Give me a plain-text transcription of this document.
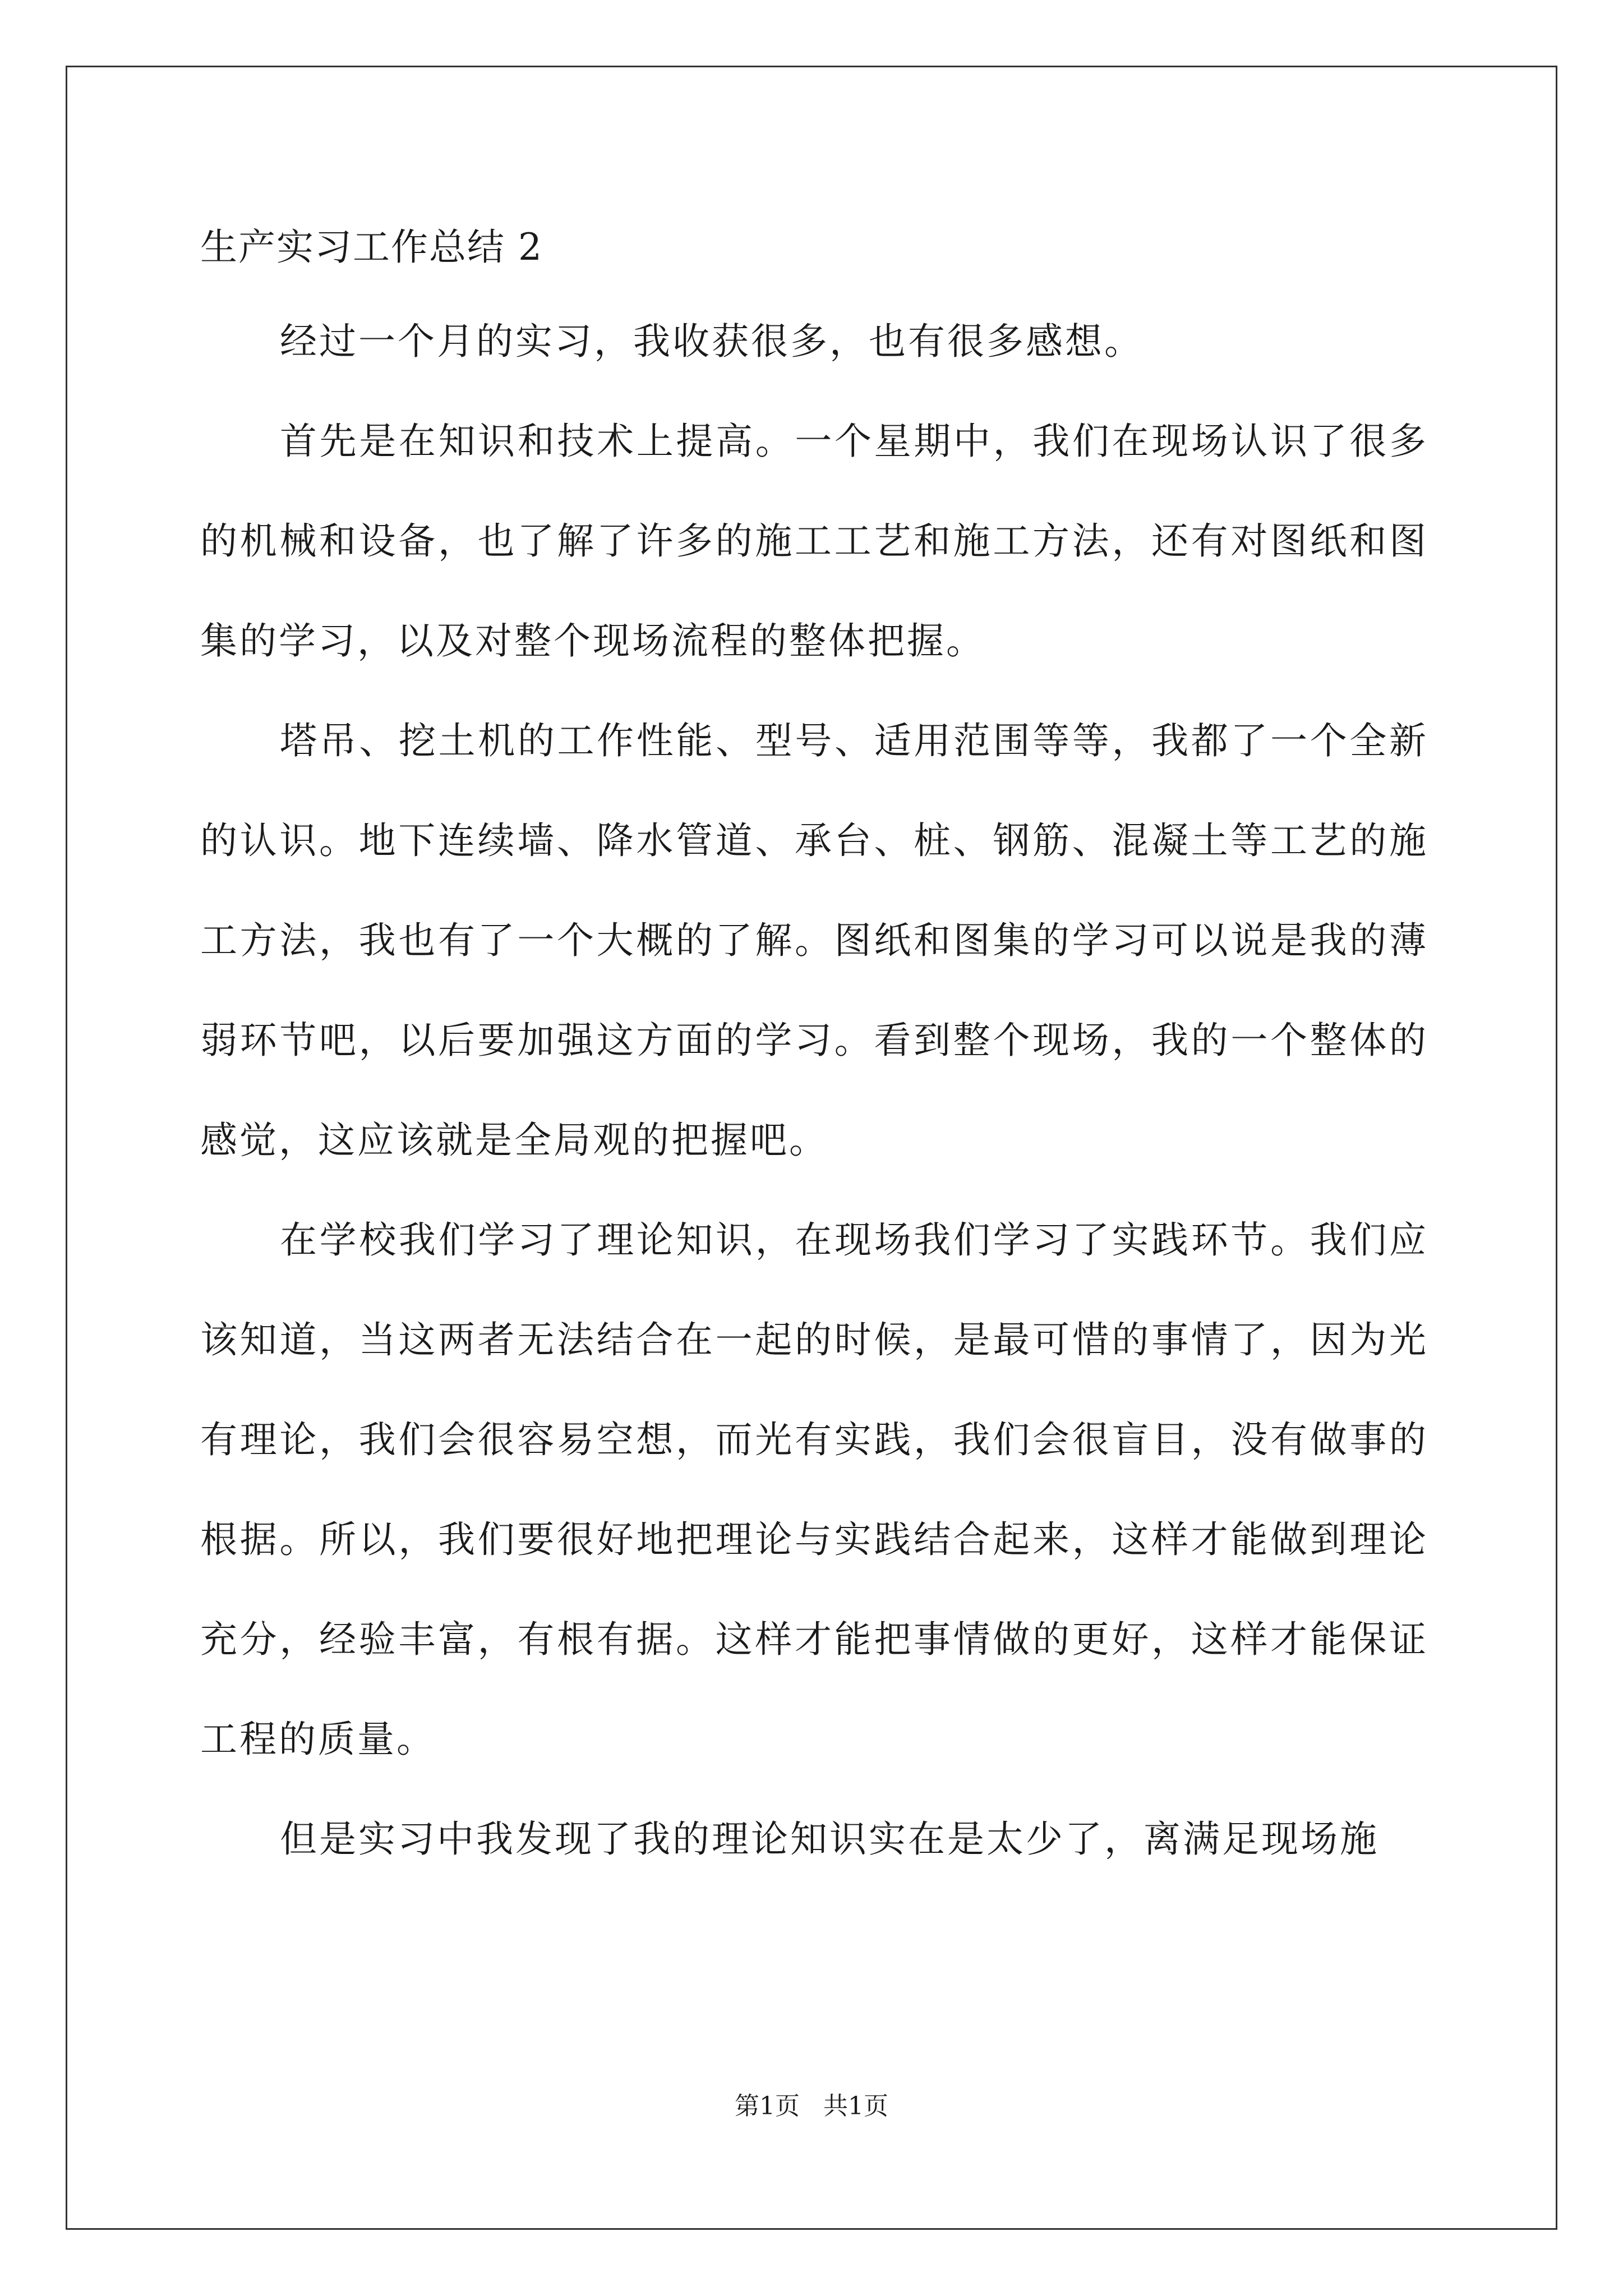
生产实习工作总结 2

经过一个月的实习，我收获很多，也有很多感想。

首先是在知识和技术上提高。一个星期中，我们在现场认识了很多的机械和设备，也了解了许多的施工工艺和施工方法，还有对图纸和图集的学习，以及对整个现场流程的整体把握。

塔吊、挖土机的工作性能、型号、适用范围等等，我都了一个全新的认识。地下连续墙、降水管道、承台、桩、钢筋、混凝土等工艺的施工方法，我也有了一个大概的了解。图纸和图集的学习可以说是我的薄弱环节吧，以后要加强这方面的学习。看到整个现场，我的一个整体的感觉，这应该就是全局观的把握吧。

在学校我们学习了理论知识，在现场我们学习了实践环节。我们应该知道，当这两者无法结合在一起的时候，是最可惜的事情了，因为光有理论，我们会很容易空想，而光有实践，我们会很盲目，没有做事的根据。所以，我们要很好地把理论与实践结合起来，这样才能做到理论充分，经验丰富，有根有据。这样才能把事情做的更好，这样才能保证工程的质量。

但是实习中我发现了我的理论知识实在是太少了，离满足现场施

第1页   共1页
